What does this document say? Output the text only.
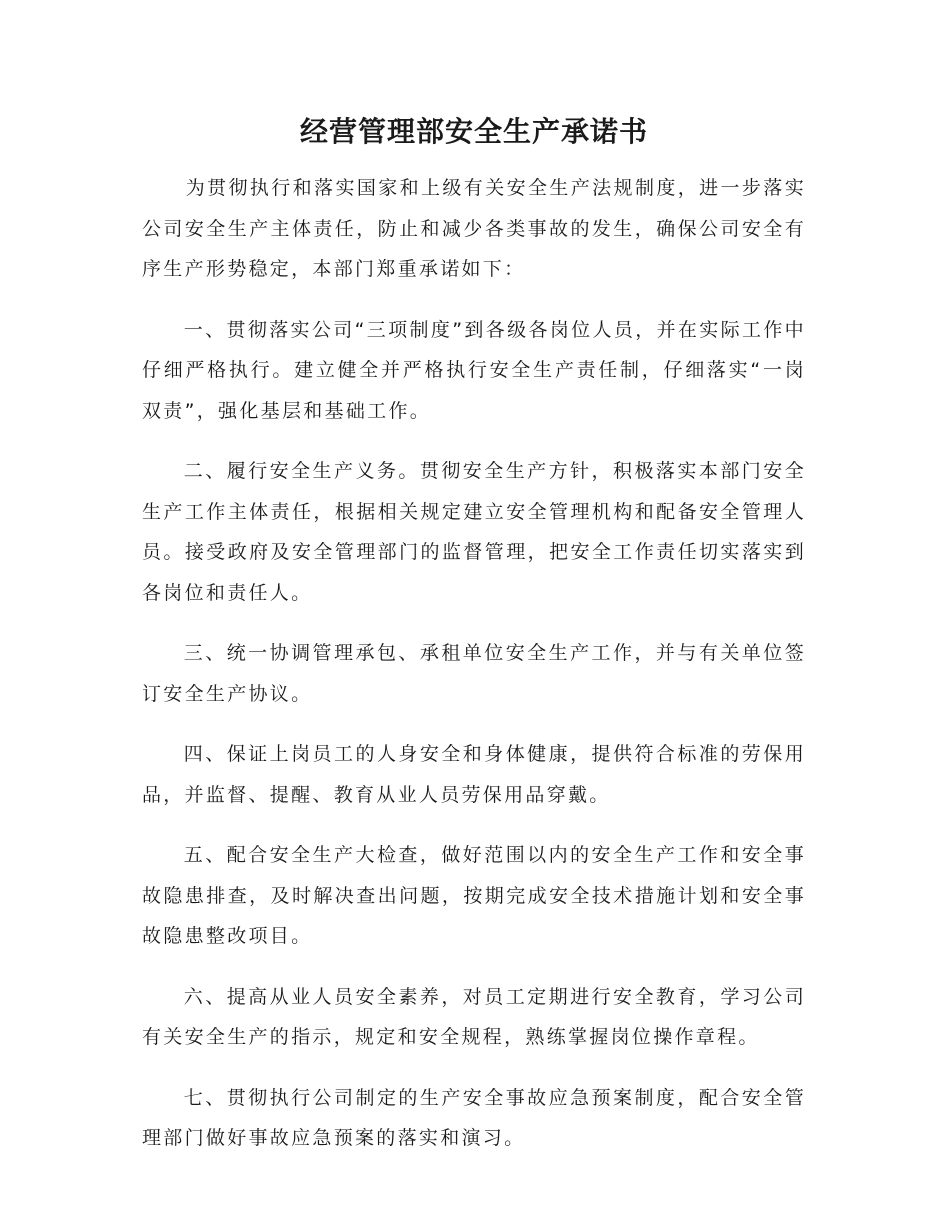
经营管理部安全生产承诺书

为贯彻执行和落实国家和上级有关安全生产法规制度，进一步落实公司安全生产主体责任，防止和减少各类事故的发生，确保公司安全有序生产形势稳定，本部门郑重承诺如下：

一、贯彻落实公司“三项制度”到各级各岗位人员，并在实际工作中仔细严格执行。建立健全并严格执行安全生产责任制，仔细落实“一岗双责”，强化基层和基础工作。

二、履行安全生产义务。贯彻安全生产方针，积极落实本部门安全生产工作主体责任，根据相关规定建立安全管理机构和配备安全管理人员。接受政府及安全管理部门的监督管理，把安全工作责任切实落实到各岗位和责任人。

三、统一协调管理承包、承租单位安全生产工作，并与有关单位签订安全生产协议。

四、保证上岗员工的人身安全和身体健康，提供符合标准的劳保用品，并监督、提醒、教育从业人员劳保用品穿戴。

五、配合安全生产大检查，做好范围以内的安全生产工作和安全事故隐患排查，及时解决查出问题，按期完成安全技术措施计划和安全事故隐患整改项目。

六、提高从业人员安全素养，对员工定期进行安全教育，学习公司有关安全生产的指示，规定和安全规程，熟练掌握岗位操作章程。

七、贯彻执行公司制定的生产安全事故应急预案制度，配合安全管理部门做好事故应急预案的落实和演习。
